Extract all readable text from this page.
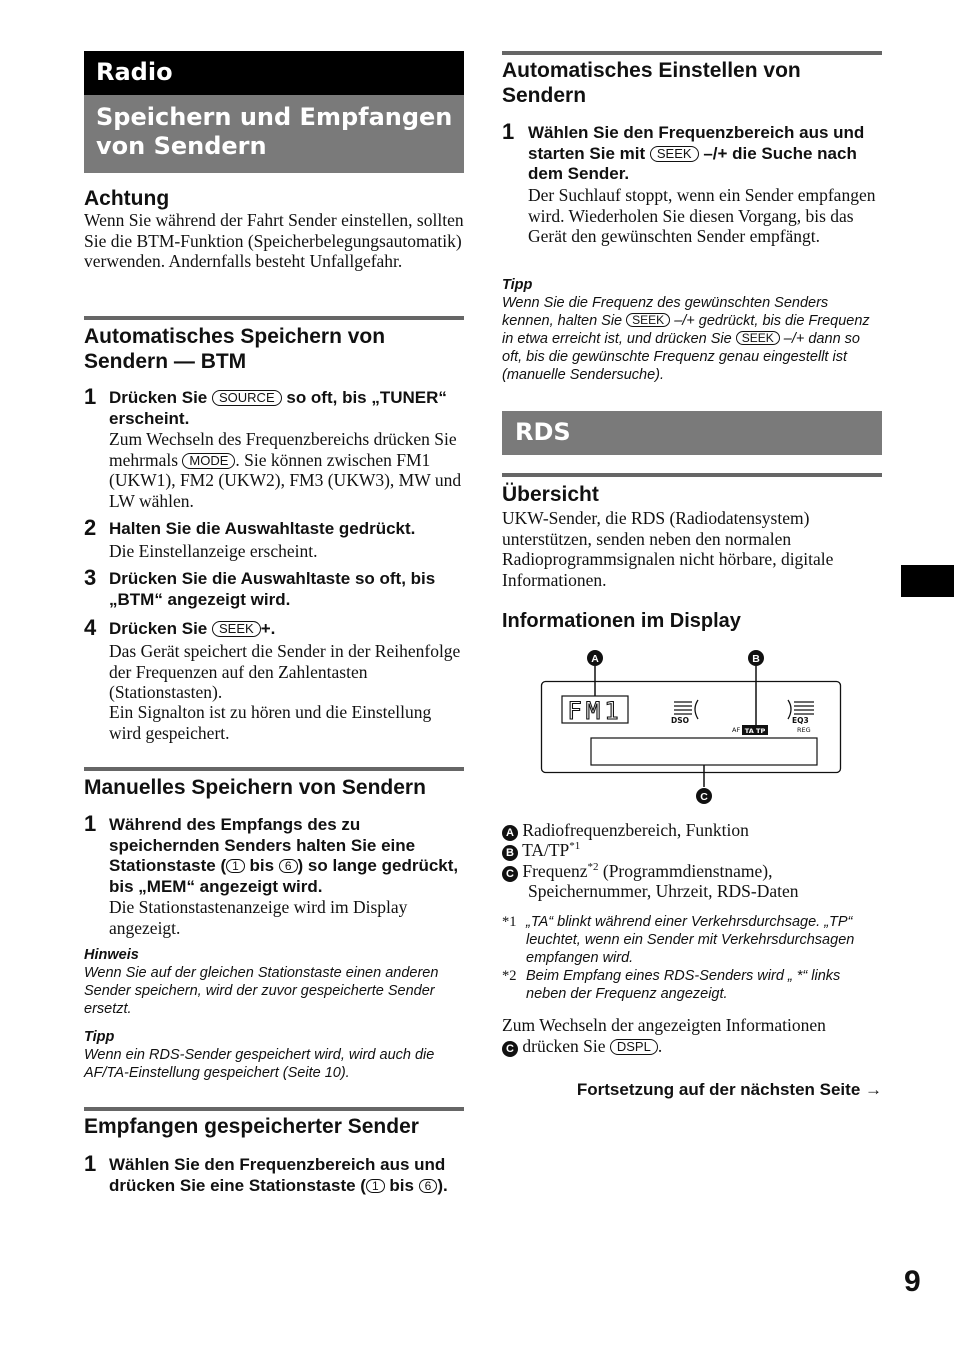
Radio
Speichern und Empfangen von Sendern
Achtung
Wenn Sie während der Fahrt Sender einstellen, sollten Sie die BTM-Funktion (Speicherbelegungsautomatik) verwenden. Andernfalls besteht Unfallgefahr.
Automatisches Speichern von Sendern — BTM
1 Drücken Sie SOURCE so oft, bis „TUNER“ erscheint.
Zum Wechseln des Frequenzbereichs drücken Sie mehrmals MODE . Sie können zwischen FM1 (UKW1), FM2 (UKW2), FM3 (UKW3), MW und LW wählen.
2 Halten Sie die Auswahltaste gedrückt.
Die Einstellanzeige erscheint.
3 Drücken Sie die Auswahltaste so oft, bis „BTM“ angezeigt wird.
4 Drücken Sie SEEK +.
Das Gerät speichert die Sender in der Reihenfolge der Frequenzen auf den Zahlentasten (Stationstasten).
Ein Signalton ist zu hören und die Einstellung wird gespeichert.
Manuelles Speichern von Sendern
1 Während des Empfangs des zu speichernden Senders halten Sie eine Stationstaste ( 1 bis 6 ) so lange gedrückt, bis „MEM“ angezeigt wird.
Die Stationstastenanzeige wird im Display angezeigt.
Hinweis
Wenn Sie auf der gleichen Stationstaste einen anderen Sender speichern, wird der zuvor gespeicherte Sender ersetzt.
Tipp
Wenn ein RDS-Sender gespeichert wird, wird auch die AF/TA-Einstellung gespeichert (Seite 10).
Empfangen gespeicherter Sender
1 Wählen Sie den Frequenzbereich aus und drücken Sie eine Stationstaste ( 1 bis 6 ).
Automatisches Einstellen von Sendern
1 Wählen Sie den Frequenzbereich aus und starten Sie mit SEEK –/+ die Suche nach dem Sender.
Der Suchlauf stoppt, wenn ein Sender empfangen wird. Wiederholen Sie diesen Vorgang, bis das Gerät den gewünschten Sender empfängt.
Tipp
Wenn Sie die Frequenz des gewünschten Senders kennen, halten Sie SEEK –/+ gedrückt, bis die Frequenz in etwa erreicht ist, und drücken Sie SEEK –/+ dann so oft, bis die gewünschte Frequenz genau eingestellt ist (manuelle Sendersuche).
RDS
Übersicht
UKW-Sender, die RDS (Radiodatensystem) unterstützen, senden neben den normalen Radioprogrammsignalen nicht hörbare, digitale Informationen.
Informationen im Display
FM1	DSO	EQ3
AF TA TP	REG
A	B
C
A Radiofrequenzbereich, Funktion
B TA/TP$^{*1}$
C Frequenz$^{*2}$ (Programmdienstname),
Speichernummer, Uhrzeit, RDS-Daten
*1 „TA“ blinkt während einer Verkehrsdurchsage. „TP“ leuchtet, wenn ein Sender mit Verkehrsdurchsagen empfangen wird.
*2 Beim Empfang eines RDS-Senders wird „ *“ links neben der Frequenz angezeigt.
Zum Wechseln der angezeigten Informationen
C drücken Sie DSPL .
Fortsetzung auf der nächsten Seite →
9
